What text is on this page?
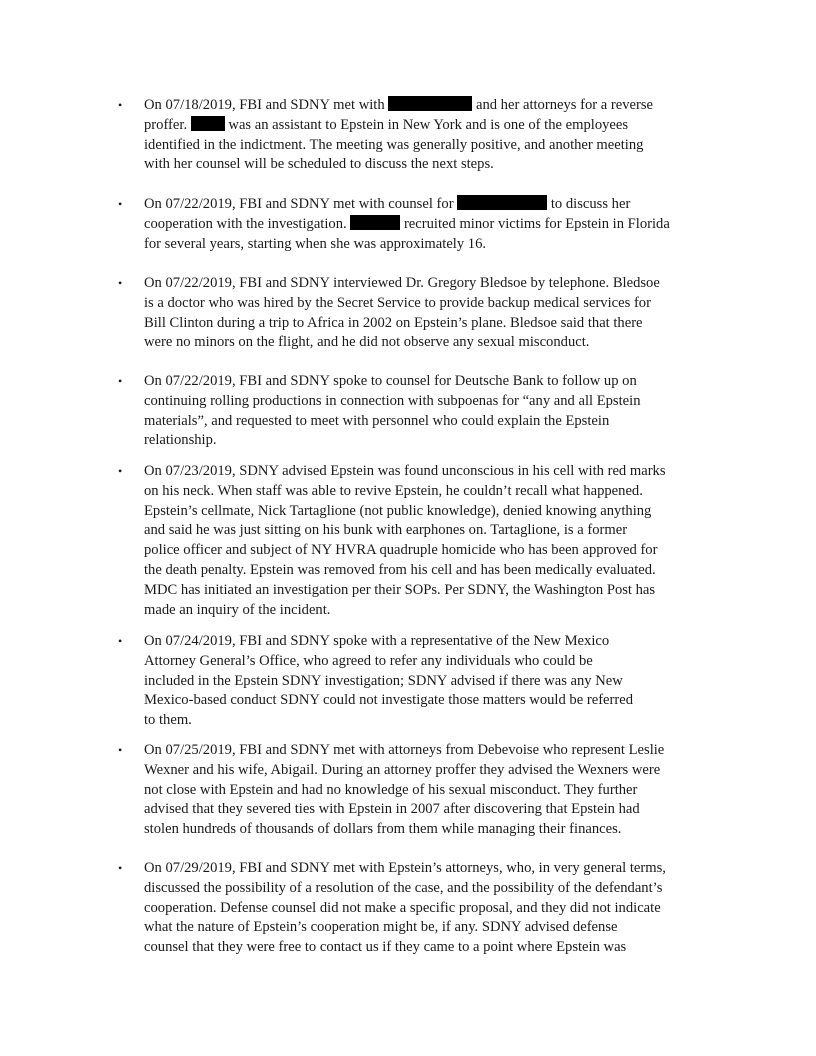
• On 07/18/2019, FBI and SDNY met with	and her attorneys for a reverse
proffer.  was an assistant to Epstein in New York and is one of the employees
identified in the indictment. The meeting was generally positive, and another meeting
with her counsel will be scheduled to discuss the next steps.
• On 07/22/2019, FBI and SDNY met with counsel for	to discuss her
cooperation with the investigation.	recruited minor victims for Epstein in Florida
for several years, starting when she was approximately 16.
• On 07/22/2019, FBI and SDNY interviewed Dr. Gregory Bledsoe by telephone. Bledsoe
is a doctor who was hired by the Secret Service to provide backup medical services for
Bill Clinton during a trip to Africa in 2002 on Epstein’s plane. Bledsoe said that there
were no minors on the flight, and he did not observe any sexual misconduct.
• On 07/22/2019, FBI and SDNY spoke to counsel for Deutsche Bank to follow up on
continuing rolling productions in connection with subpoenas for “any and all Epstein
materials”, and requested to meet with personnel who could explain the Epstein
relationship.
• On 07/23/2019, SDNY advised Epstein was found unconscious in his cell with red marks
on his neck. When staff was able to revive Epstein, he couldn’t recall what happened.
Epstein’s cellmate, Nick Tartaglione (not public knowledge), denied knowing anything
and said he was just sitting on his bunk with earphones on. Tartaglione, is a former
police officer and subject of NY HVRA quadruple homicide who has been approved for
the death penalty. Epstein was removed from his cell and has been medically evaluated.
MDC has initiated an investigation per their SOPs. Per SDNY, the Washington Post has
made an inquiry of the incident.
• On 07/24/2019, FBI and SDNY spoke with a representative of the New Mexico
Attorney General’s Office, who agreed to refer any individuals who could be
included in the Epstein SDNY investigation; SDNY advised if there was any New
Mexico-based conduct SDNY could not investigate those matters would be referred
to them.
• On 07/25/2019, FBI and SDNY met with attorneys from Debevoise who represent Leslie
Wexner and his wife, Abigail. During an attorney proffer they advised the Wexners were
not close with Epstein and had no knowledge of his sexual misconduct. They further
advised that they severed ties with Epstein in 2007 after discovering that Epstein had
stolen hundreds of thousands of dollars from them while managing their finances.
• On 07/29/2019, FBI and SDNY met with Epstein’s attorneys, who, in very general terms,
discussed the possibility of a resolution of the case, and the possibility of the defendant’s
cooperation. Defense counsel did not make a specific proposal, and they did not indicate
what the nature of Epstein’s cooperation might be, if any. SDNY advised defense
counsel that they were free to contact us if they came to a point where Epstein was
